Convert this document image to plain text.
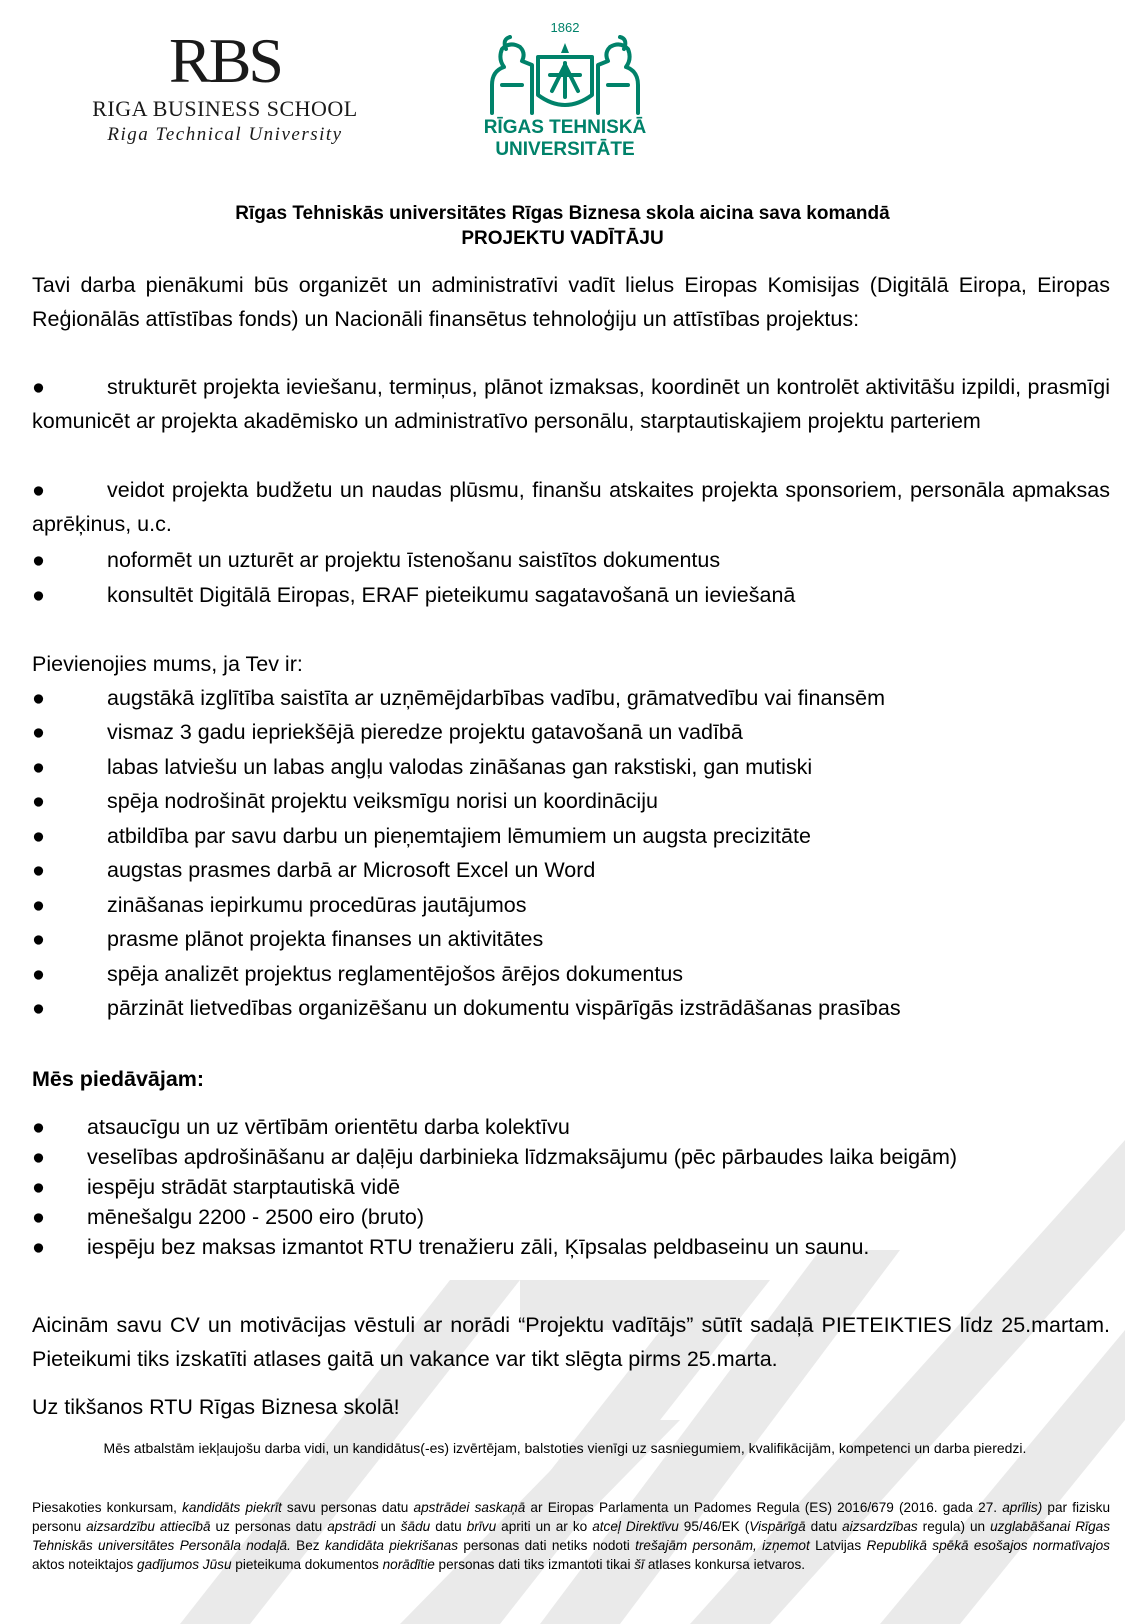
RBS
RIGA BUSINESS SCHOOL
Riga Technical University
1862
RĪGAS TEHNISKĀ
UNIVERSITĀTE
Rīgas Tehniskās universitātes Rīgas Biznesa skola aicina sava komandā
PROJEKTU VADĪTĀJU
Tavi darba pienākumi būs organizēt un administratīvi vadīt lielus Eiropas Komisijas (Digitālā Eiropa, Eiropas Reģionālās attīstības fonds) un Nacionāli finansētus tehnoloģiju un attīstības projektus:
●	strukturēt projekta ieviešanu, termiņus, plānot izmaksas, koordinēt un kontrolēt aktivitāšu izpildi, prasmīgi komunicēt ar projekta akadēmisko un administratīvo personālu, starptautiskajiem projektu parteriem
●	veidot projekta budžetu un naudas plūsmu, finanšu atskaites projekta sponsoriem, personāla apmaksas aprēķinus, u.c.
●	noformēt un uzturēt ar projektu īstenošanu saistītos dokumentus
●	konsultēt Digitālā Eiropas, ERAF pieteikumu sagatavošanā un ieviešanā
Pievienojies mums, ja Tev ir:
●	augstākā izglītība saistīta ar uzņēmējdarbības vadību, grāmatvedību vai finansēm
●	vismaz 3 gadu iepriekšējā pieredze projektu gatavošanā un vadībā
●	labas latviešu un labas angļu valodas zināšanas gan rakstiski, gan mutiski
●	spēja nodrošināt projektu veiksmīgu norisi un koordināciju
●	atbildība par savu darbu un pieņemtajiem lēmumiem un augsta precizitāte
●	augstas prasmes darbā ar Microsoft Excel un Word
●	zināšanas iepirkumu procedūras jautājumos
●	prasme plānot projekta finanses un aktivitātes
●	spēja analizēt projektus reglamentējošos ārējos dokumentus
●	pārzināt lietvedības organizēšanu un dokumentu vispārīgās izstrādāšanas prasības
Mēs piedāvājam:
● atsaucīgu un uz vērtībām orientētu darba kolektīvu
● veselības apdrošināšanu ar daļēju darbinieka līdzmaksājumu (pēc pārbaudes laika beigām)
● iespēju strādāt starptautiskā vidē
● mēnešalgu 2200 - 2500 eiro (bruto)
● iespēju bez maksas izmantot RTU trenažieru zāli, Ķīpsalas peldbaseinu un saunu.
Aicinām savu CV un motivācijas vēstuli ar norādi “Projektu vadītājs” sūtīt sadaļā PIETEIKTIES līdz 25.martam. Pieteikumi tiks izskatīti atlases gaitā un vakance var tikt slēgta pirms 25.marta.
Uz tikšanos RTU Rīgas Biznesa skolā!
Mēs atbalstām iekļaujošu darba vidi, un kandidātus(-es) izvērtējam, balstoties vienīgi uz sasniegumiem, kvalifikācijām, kompetenci un darba pieredzi.
Piesakoties konkursam, kandidāts piekrīt savu personas datu apstrādei saskaņā ar Eiropas Parlamenta un Padomes Regula (ES) 2016/679 (2016. gada 27. aprīlis) par fizisku personu aizsardzību attiecībā uz personas datu apstrādi un šādu datu brīvu apriti un ar ko atceļ Direktīvu 95/46/EK (Vispārīgā datu aizsardzības regula) un uzglabāšanai Rīgas Tehniskās universitātes Personāla nodaļā. Bez kandidāta piekrišanas personas dati netiks nodoti trešajām personām, izņemot Latvijas Republikā spēkā esošajos normatīvajos aktos noteiktajos gadījumos Jūsu pieteikuma dokumentos norādītie personas dati tiks izmantoti tikai šī atlases konkursa ietvaros.
